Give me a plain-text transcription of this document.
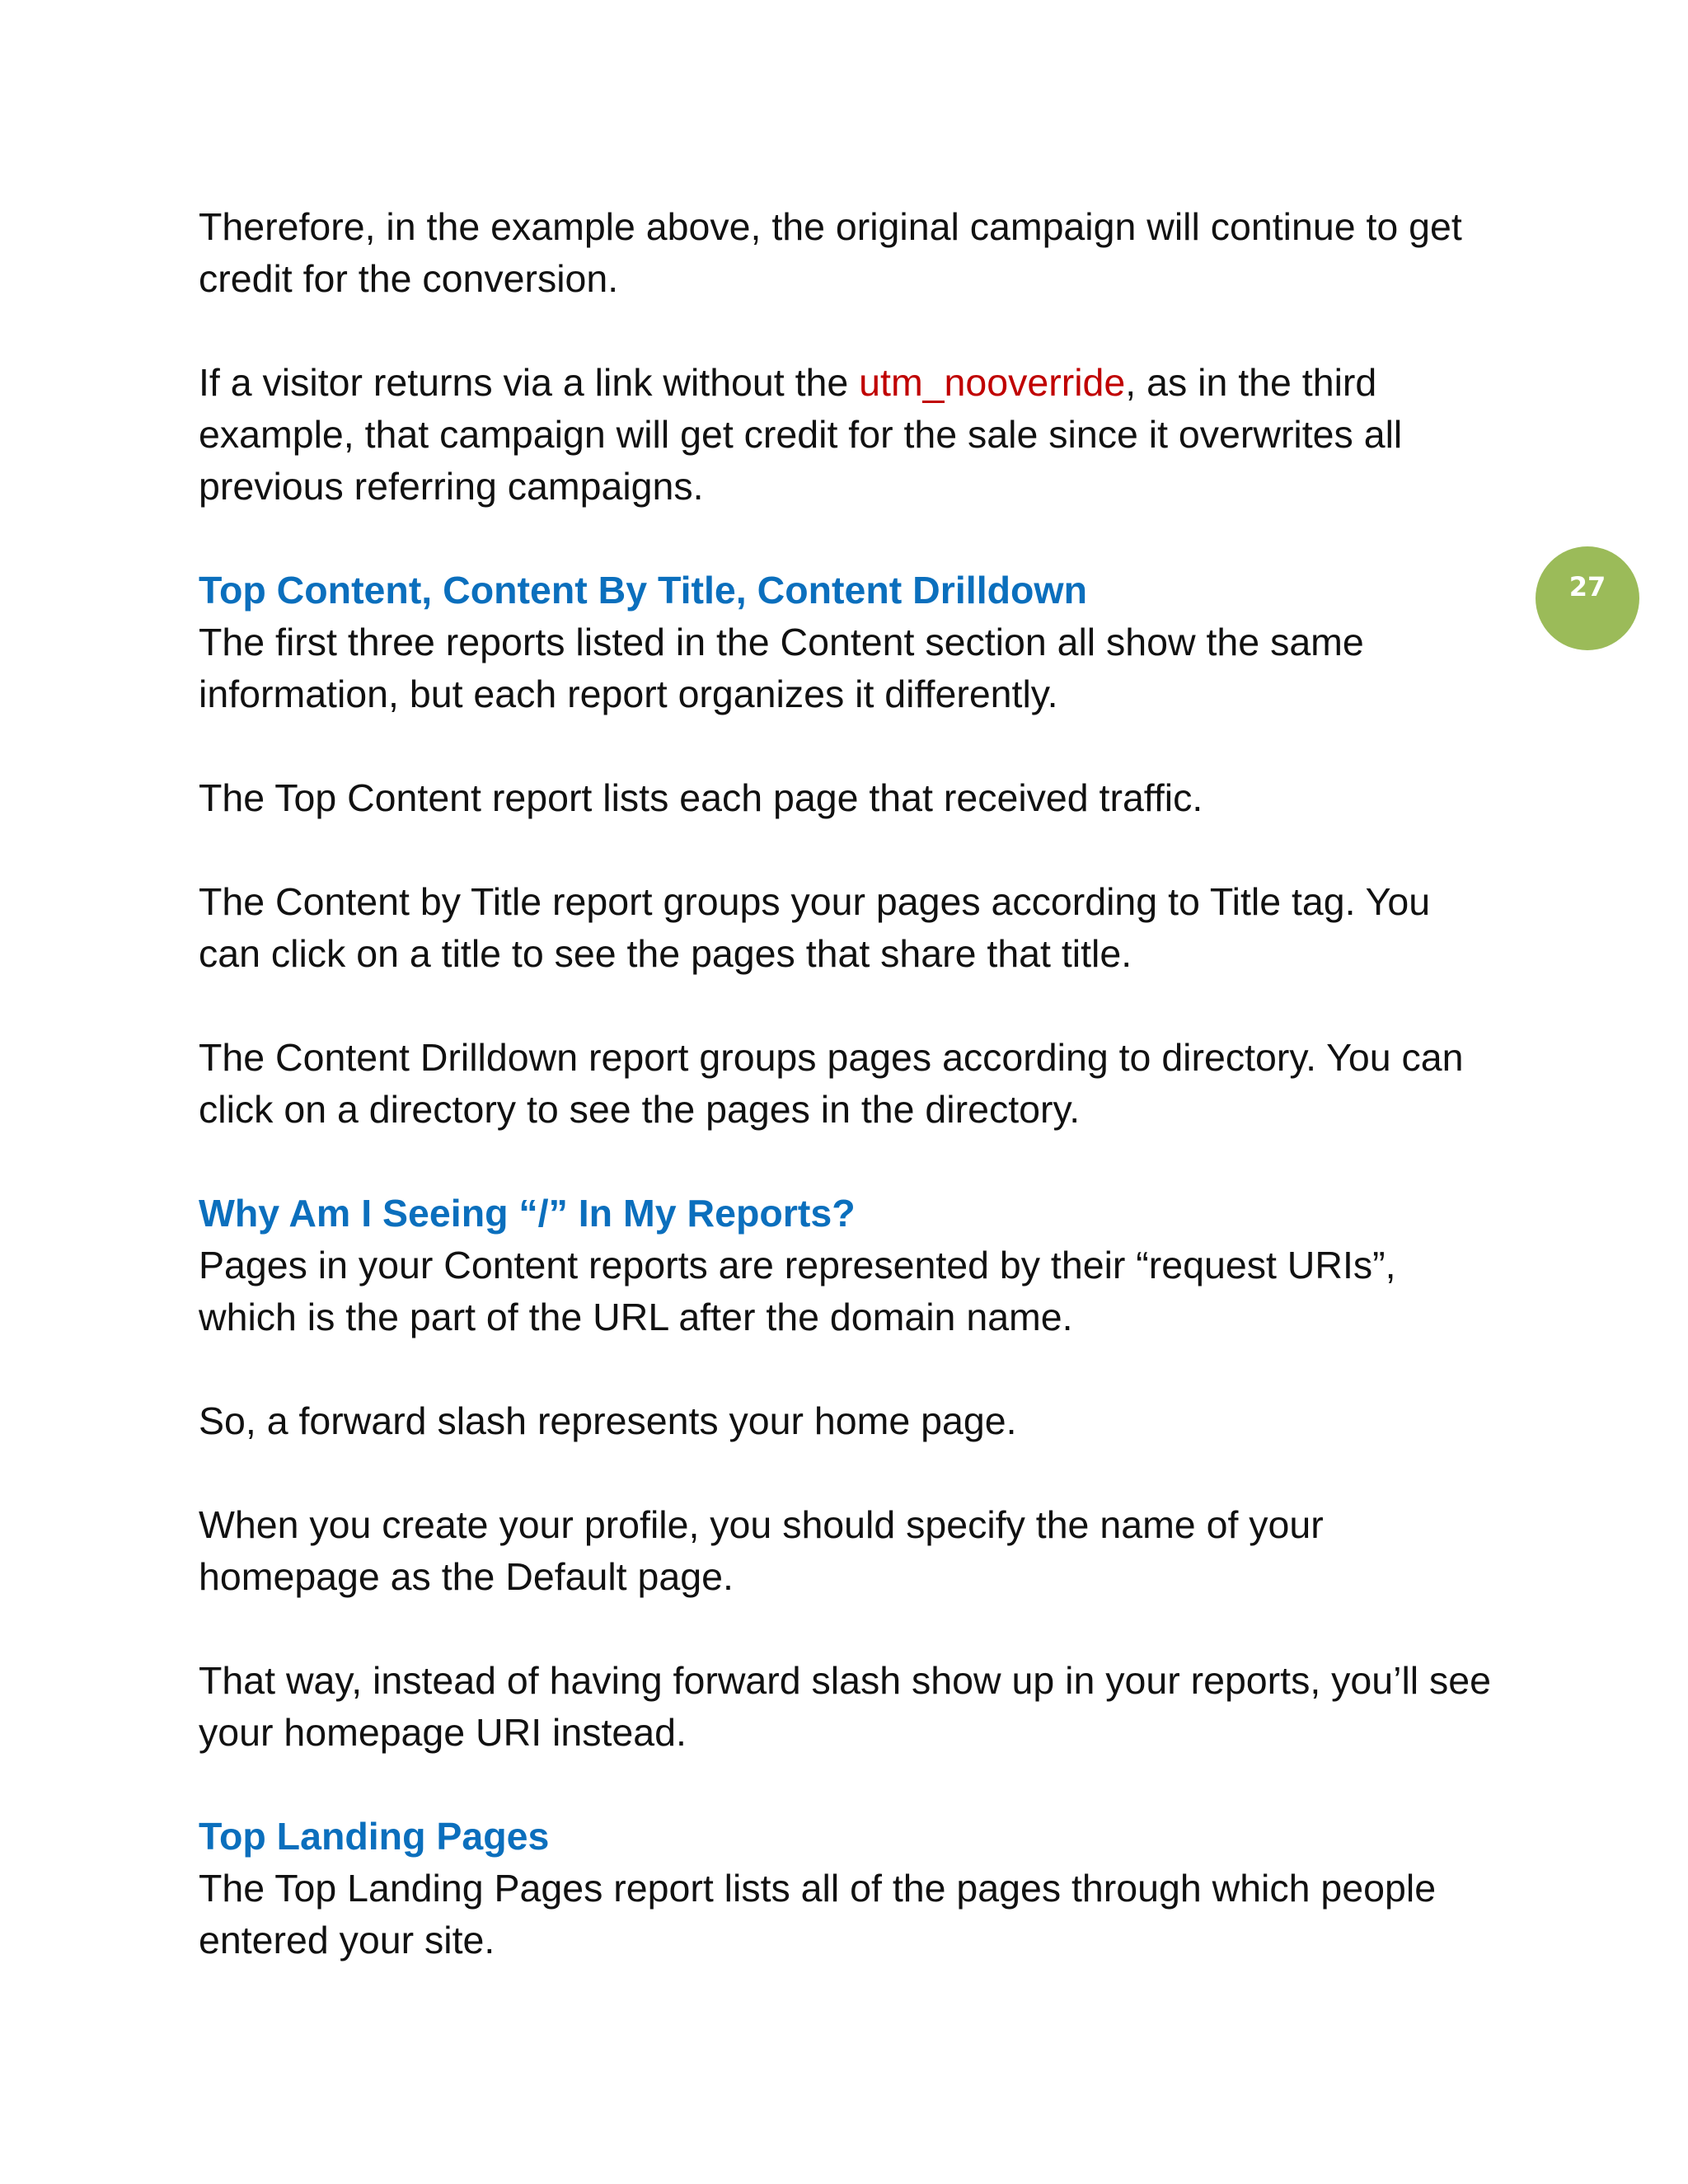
Therefore, in the example above, the original campaign will continue to get credit for the conversion.

If a visitor returns via a link without the utm_nooverride, as in the third example, that campaign will get credit for the sale since it overwrites all previous referring campaigns.

Top Content, Content By Title, Content Drilldown

The first three reports listed in the Content section all show the same information, but each report organizes it differently.

The Top Content report lists each page that received traffic.

The Content by Title report groups your pages according to Title tag. You can click on a title to see the pages that share that title.

The Content Drilldown report groups pages according to directory. You can click on a directory to see the pages in the directory.

Why Am I Seeing “/” In My Reports?

Pages in your Content reports are represented by their “request URIs”, which is the part of the URL after the domain name.

So, a forward slash represents your home page.

When you create your profile, you should specify the name of your homepage as the Default page.

That way, instead of having forward slash show up in your reports, you’ll see your homepage URI instead.

Top Landing Pages

The Top Landing Pages report lists all of the pages through which people entered your site.

27
